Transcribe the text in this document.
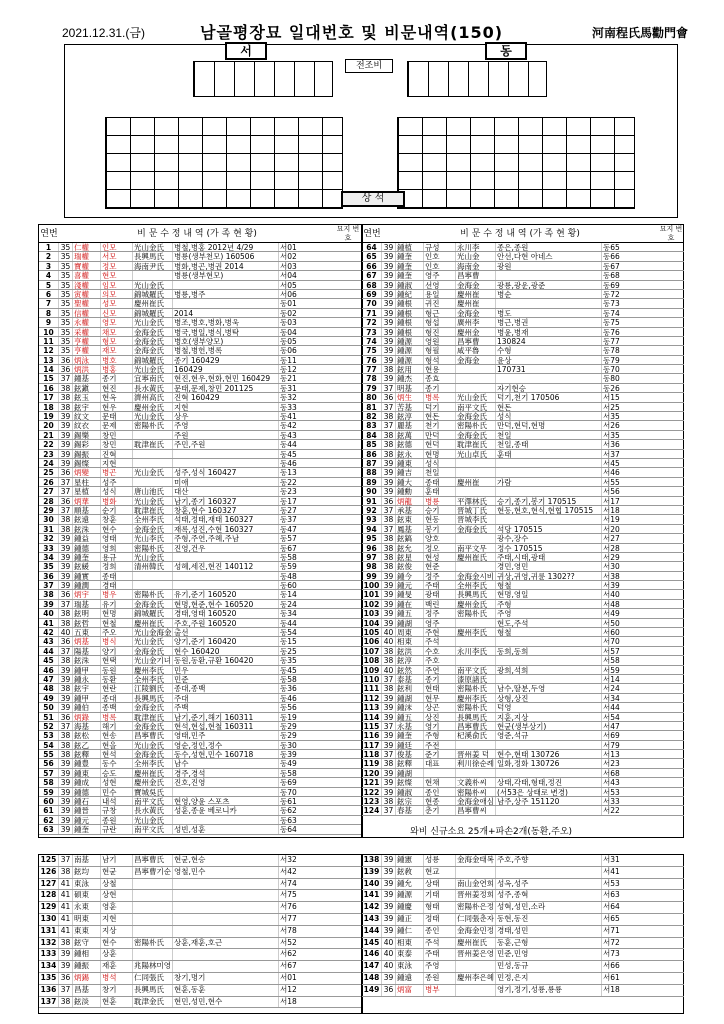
2021.12.31.(금)	남골평장묘 일대번호 및 비문내역(150)	河南程氏馬勸門會
서	동
전조비
상 석
연번	비 문 수 정 내 역 (가 족 현 황)	묘지 번호	연번	비 문 수 정 내 역 (가 족 현 황)	묘지 번호
1	35 仁權	인모	光山金氏	병철,병홍 2012년 4/29	서01
2	35 瑞權	서모	長興馬氏	병룡(생부천모) 160506	서02
3	35 寶權	정모	海南尹氏	병화,병곤,병권 2014	서03
4	35 喜權	현모	병룡(생부현모)	서04
5	35 淺權	임모	光山金氏	서05
6	35 寅權	의모	錦城羅氏	병룡,병주	서06
7	35 聖權	성모	慶州崔氏	동01
8	35 信權	신모	錦城羅氏	2014	동02
9	35 永權	영모	光山金氏	병조,병호,병화,병욱	동03
10 35 采權	채모	金海金氏	병국,병일,병식,병탁	동04
11 35 亨權	형모	金海金氏	병호(생부양모)	동05
12 35 亨權	재모	金海金氏	병철,병헌,병록	동06
13 36 炳泳	병호	錦城羅氏	종기 160429	동11
14 36 炳洪	병홍	光山金氏	160429	동12
15 37 鐘基	종기	宜寧南氏	현진,현우,현화,현민 160429	동21
16 38 鉉鎭	현진	長水黃氏	문태,문제,창민 201125	동31
17 38 鉉玉	현옥	濟州高氏	진혁 160429	동32
18 38 鉉宇	현우	慶州金氏	지현	동33
19 39 紋文	문태	光山金氏	상우	동41
20 39 紋衣	문제	密陽朴氏	주영	동42
21 39 錫樂	창민	주원	동43
22 39 錫彩	창민	耽津崔氏	주민,주원	동44
23 39 錫振	진혁	동45
24 39 錫燦	지현	동46
25 36 炳變	병곤	光山金氏	성주,성식 160427	동13
26 37 星柱	성주	미애	동22
27 37 星植	성식	唐山池氏	대산	동23
28 36 炳華	병화	光山金氏	남기,종기 160327	동17
29 37 順基	순기	耽津崔氏	창훈,현수 160327	동27
30 38 鉉遠	창훈	全州李氏	석태,정태,재태 160327	동37
31 38 鉉洙	현수	金海金氏	재록,성진,수현 160327	동47
32 39 鍾益	영태	光山李氏	주형,주연,주혜,주남	동57
33 39 鍾德	영희	密陽朴氏	진영,건우	동67
34 39 鍾奎	용규	光山金氏	동58
35 39 鉉緩	정희	清州韓氏	성혜,세진,현진 140112	동59
36 39 鍾實	종태	동48
37 39 鍾潤	경태	동60
38 36 炳宇	병우	密陽朴氏	유기,준기 160520	동14
39 37 瑞基	유기	金海金氏	현명,현준,현수 160520	동24
40 38 鉉明	현명	錦城羅氏	경태,영태 160520	동34
41 38 鉉哲	현철	慶州崔氏	주호,주원 160520	동44
42 40 五東	주오	光山金海金 출선	동54
43 36 炳基	병식	光山金氏	양기,준기 160420	동15
44 37 陽基	양기	金海金氏	현수 160420	동25
45 38 鉉洙	현택	光山金기녀 동원,동환,규환 160420	동35
46 39 鍾甲	동원	慶州李氏	민우	동45
47 39 鍾永	동환	全州李氏	민준	동58
48 38 鉉宇	현란	江陵劉氏	종대,종백	동36
49 39 鍾甲	종대	長興馬氏	주대	동46
50 39 鍾伯	종백	金海金氏	주백	동56
51 36 炳錄	병록	耽津崔氏	남기,준기,해기 160311	동19
52 37 海基	해기	金海金氏	현석,현섭,현철 160311	동29
53 38 鉉松	현송	昌寧曹氏	영태,민주	동29
54 38 鉉乙	현을	光山金氏	영순,정인,정수	동30
55 38 鉉釋	현석	金海金氏	동수,성현,민수 160718	동39
56 39 鍾豊	동수	全州李氏	남수	동49
57 39 鍾東	승도	慶州崔氏	경주,경석	동58
58 39 鍾成	성현	慶州金氏	진호,진영	동69
59 39 鍾德	민수	寶城吳氏	동70
60 39 鍾石	내석	南平文氏	현영,양윤 스포츠	동61
61 39 鍾晉	규창	長水黃氏	성훈,종윤 베로니카	동62
62 39 鍾元	종원	光山金氏	동63
63 39 鍾奎	규란	南平文氏	성빈,성훈	동64
64 39 鍾植	규성	永川李	종은,종원	동65
65 39 鍾奎	인호	光山金	안선,다현 아네스	동66
66 39 鍾奎	인호	海南金	광원	동67
67 39 鍾奎	영주	昌寧曹	동68
68 39 鍾淑	선영	金海金	광룡,광운,광준	동69
69 39 鍾紀	용일	慶州崔	병순	동72
70 39 鍾根	귀진	慶州崔	동73
71 39 鍾根	형근	金海金	병도	동74
72 39 鍾根	형섭	廣州李	병근,병권	동75
73 39 鍾根	형진	慶州金	병윤,병재	동76
74 39 鍾源	영원	昌寧曹	130824	동77
75 39 鍾源	형필	咸平魯	수형	동78
76 39 鍾源	형석	金海金	윤상	동79
77 38 鉉用	현용	170731	동70
78 39 鍾杰	종효	동80
79 37 明基	종기	자기현승	동26
80 36 炳生	병록	光山金氏	덕기,천기 170506	서15
81 37 苦基	덕기	南平文氏	현돈	서25
82 38 鉉淳	현돈	金海金氏	성식	서35
83 37 麗基	천기	密陽朴氏	만덕,현덕,현명	서26
84 38 鉉萬	만덕	金海金氏	천일	서35
85 38 鉉德	현덕	耽津崔氏	천일,종태	서36
86 38 鉉永	현명	光山卓氏	훈태	서37
87 39 鍾東	성식	서45
88 39 鍾吉	천일	서46
89 39 鍾大	종태	慶州崔	가람	서55
90 39 鍾勳	훈태	서56
91 36 炳龍	병룡	平澤林氏	승기,종기,봉기 170515	서17
92 37 承基	승기	晋城丁氏	현동,현호,현식,현협 170515	서18
93 38 鉉東	현동	晋城李氏	서19
94 37 鳳基	봉기	金海金氏	석당 170515	서20
95 38 鉉鎬	양호	광수,장수	서27
96 38 鉉允	정오	南平文무	정수 170515	서28
97 38 鉉星	현성	慶州崔氏	주태,시태,광태	서29
98 38 鉉俊	현준	경민,영민	서30
99 39 鍾今	정주	金海金시비 귀상,귀영,귀륜 1302??	서38
100 39 鍾元	주태	全州李氏	형철	서39
101 39 鍾旻	광태	長興馬氏	현명,영일	서40
102 39 鍾在	백린	慶州金氏	주형	서48
103 39 鍾五	정주	密陽朴氏	주영	서49
104 39 鍾湖	영주	현도,주석	서50
105 40 周東	주현	慶州李氏	형철	서60
106 40 相東	주석	서70
107 38 鉉洪	수호	永川李氏	동희,동희	서57
108 38 鉉淳	주호	서58
109 40 鉉然	주연	南平文氏	광희,석희	서59
110 37 泰基	종기	漆原諸氏	서14
111 38 鉉利	현태	密陽朴氏	남수,딸분,두영	서24
112 39 鍾湖	현무	慶州李氏	상형,상진	서34
113 39 鍾沫	상곤	密陽朴氏	덕영	서44
114 39 鍾五	상진	長興馬氏	지훈,지상	서54
115 37 永基	영기	昌寧曹氏	현균(생부상기)	서47
116 39 鍾奎	주형	杞溪俞氏	영준,석규	서69
117 39 鍾廷	주전	서79
118 37 俊基	준기	晋州姜 덕	현수,현태 130726	서13
119 38 鉉釋	대표	利川徐순례 일화,정화 130726	서23
120 39 鍾湖	서68
121 39 鉉燦	현채	文義朴씨	상태,각태,형태,정진	서43
122 39 鍾淑	종인	密陽朴씨	(서53은 상태로 변경)	서53
123 38 鉉宗	현종	金海金애심 남주,상주 151120	서33
124 37 春基	춘기	昌寧曹씨	서22
와비 신규소요 25개+파손2개(동환,주오)
125 37 南基	남기	昌寧曹氏	현균,현승	서32
126 38 鉉均	현균	昌寧曹기순 영철,민수	서42
127 41 東泳	상철	서74
128 41 碩東	상현	서75
129 41 永東	영훈	서76
130 41 明東	지현	서77
131 41 東東	지상	서78
132 38 鉉守	현수	密陽朴氏	상훈,재훈,호근	서52
133 39 鍾相	상훈	서62
134 39 鍾振	재훈	兆陽林미영	서67
135 36 炳錫	병석	仁同張氏	창기,명기	서01
136 37 昌基	창기	長興馬氏	현훈,동훈	서12
137 38 鉉淡	현훈	耽津金氏	현민,성민,현수	서18
138 39 鍾憲	성룡	金海金태복 주호,주향	서31
139 39 鉉敎	현교	서41
140 39 鍾允	상태	南山金연희 성옥,성주	서53
141 39 鍾源	기태	晋州姜정희 성주,종혁	서63
142 39 鍾慶	형태	密陽朴은정 성혁,성민,소라	서64
143 39 鍾正	정태	仁同張춘자 동현,동진	서65
144 39 鍾仁	종인	金海金민정 경태,성민	서71
145 40 相東	주석	慶州崔氏	동훈,근형	서72
146 40 東泰	주태	晋州姜은영 민준,민영	서73
147 40 東泳	주영	민성,동규	서66
148 39 鍾遠	종원	慶州李은혜 민정,은지	서61
149 36 炳富	병부	영기,정기,성룡,룡룡	서18
